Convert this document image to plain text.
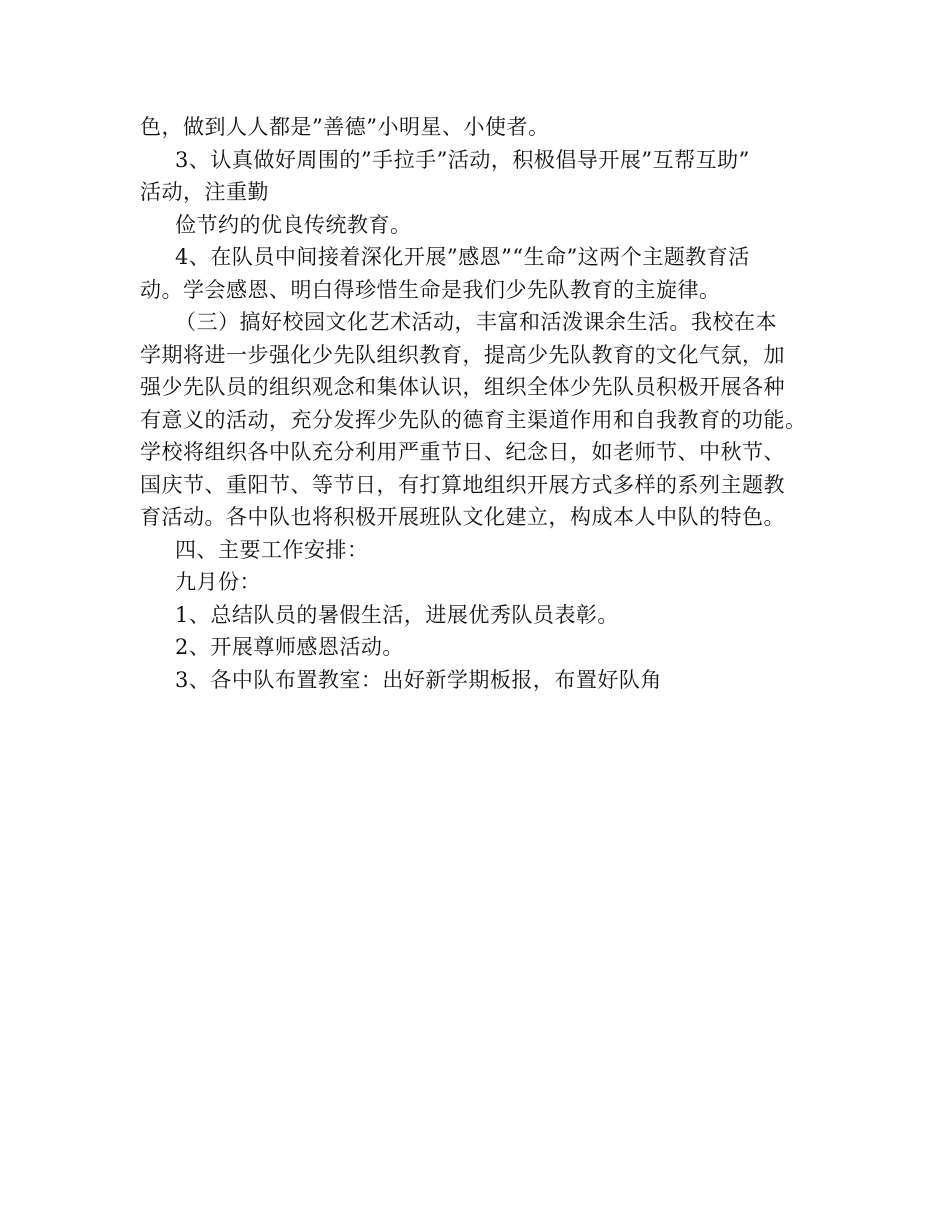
色，做到人人都是”善德”小明星、小使者。
3、认真做好周围的”手拉手”活动，积极倡导开展”互帮互助”
活动，注重勤
俭节约的优良传统教育。
4、在队员中间接着深化开展”感恩”“生命”这两个主题教育活
动。学会感恩、明白得珍惜生命是我们少先队教育的主旋律。
（三）搞好校园文化艺术活动，丰富和活泼课余生活。我校在本
学期将进一步强化少先队组织教育，提高少先队教育的文化气氛，加
强少先队员的组织观念和集体认识，组织全体少先队员积极开展各种
有意义的活动，充分发挥少先队的德育主渠道作用和自我教育的功能。
学校将组织各中队充分利用严重节日、纪念日，如老师节、中秋节、
国庆节、重阳节、等节日，有打算地组织开展方式多样的系列主题教
育活动。各中队也将积极开展班队文化建立，构成本人中队的特色。
四、主要工作安排：
九月份：
1、总结队员的暑假生活，进展优秀队员表彰。
2、开展尊师感恩活动。
3、各中队布置教室：出好新学期板报，布置好队角
